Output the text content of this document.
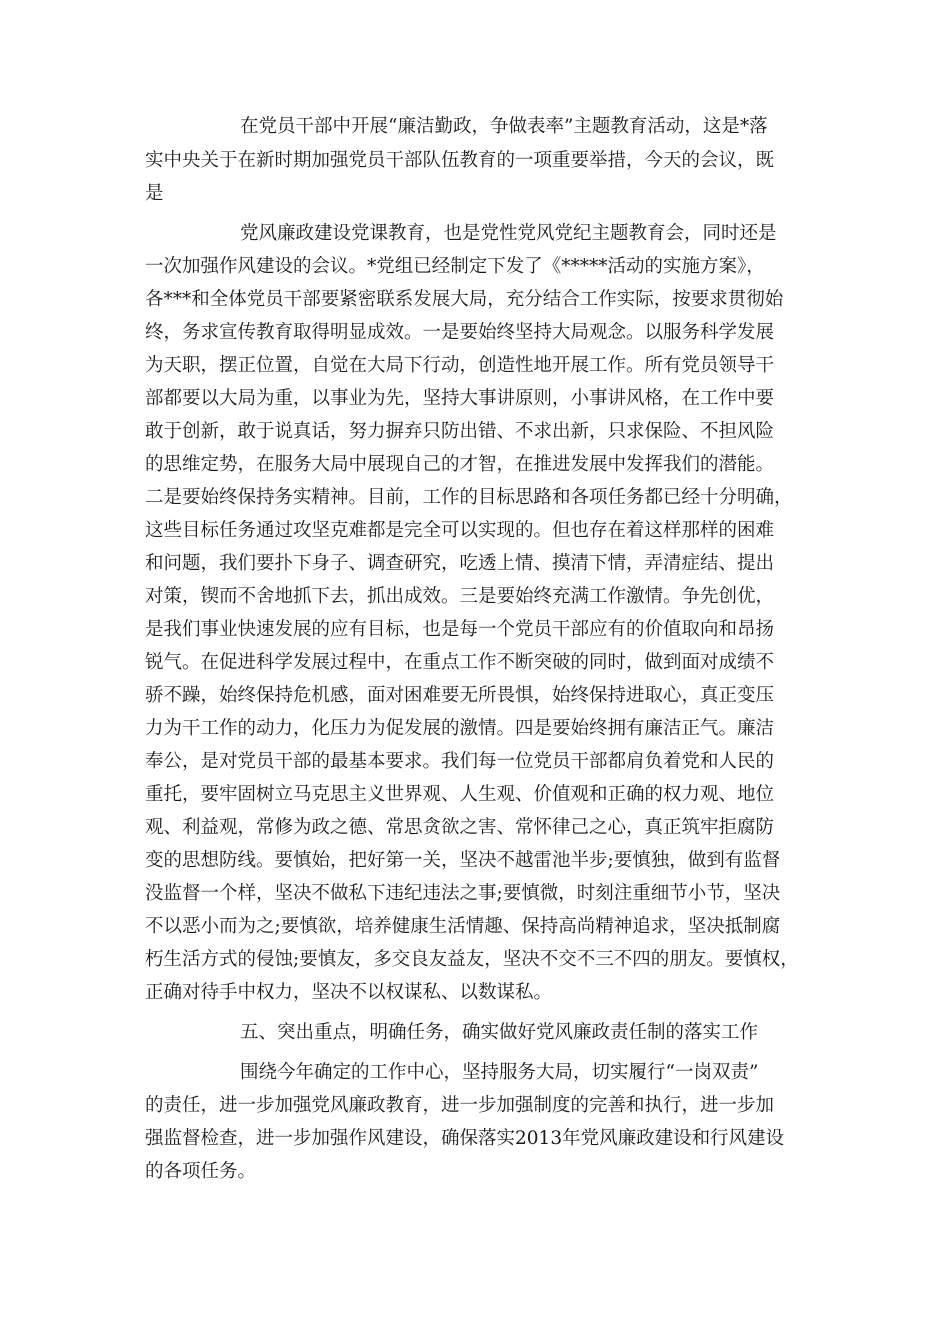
在党员干部中开展“廉洁勤政，争做表率”主题教育活动，这是*落
实中央关于在新时期加强党员干部队伍教育的一项重要举措，今天的会议，既
是
党风廉政建设党课教育，也是党性党风党纪主题教育会，同时还是
一次加强作风建设的会议。*党组已经制定下发了《*****活动的实施方案》，
各***和全体党员干部要紧密联系发展大局，充分结合工作实际，按要求贯彻始
终，务求宣传教育取得明显成效。一是要始终坚持大局观念。以服务科学发展
为天职，摆正位置，自觉在大局下行动，创造性地开展工作。所有党员领导干
部都要以大局为重，以事业为先，坚持大事讲原则，小事讲风格，在工作中要
敢于创新，敢于说真话，努力摒弃只防出错、不求出新，只求保险、不担风险
的思维定势，在服务大局中展现自己的才智，在推进发展中发挥我们的潜能。
二是要始终保持务实精神。目前，工作的目标思路和各项任务都已经十分明确，
这些目标任务通过攻坚克难都是完全可以实现的。但也存在着这样那样的困难
和问题，我们要扑下身子、调查研究，吃透上情、摸清下情，弄清症结、提出
对策，锲而不舍地抓下去，抓出成效。三是要始终充满工作激情。争先创优，
是我们事业快速发展的应有目标，也是每一个党员干部应有的价值取向和昂扬
锐气。在促进科学发展过程中，在重点工作不断突破的同时，做到面对成绩不
骄不躁，始终保持危机感，面对困难要无所畏惧，始终保持进取心，真正变压
力为干工作的动力，化压力为促发展的激情。四是要始终拥有廉洁正气。廉洁
奉公，是对党员干部的最基本要求。我们每一位党员干部都肩负着党和人民的
重托，要牢固树立马克思主义世界观、人生观、价值观和正确的权力观、地位
观、利益观，常修为政之德、常思贪欲之害、常怀律己之心，真正筑牢拒腐防
变的思想防线。要慎始，把好第一关，坚决不越雷池半步;要慎独，做到有监督
没监督一个样，坚决不做私下违纪违法之事;要慎微，时刻注重细节小节，坚决
不以恶小而为之;要慎欲，培养健康生活情趣、保持高尚精神追求，坚决抵制腐
朽生活方式的侵蚀;要慎友，多交良友益友，坚决不交不三不四的朋友。要慎权，
正确对待手中权力，坚决不以权谋私、以数谋私。
五、突出重点，明确任务，确实做好党风廉政责任制的落实工作
围绕今年确定的工作中心，坚持服务大局，切实履行“一岗双责”
的责任，进一步加强党风廉政教育，进一步加强制度的完善和执行，进一步加
强监督检查，进一步加强作风建设，确保落实2013年党风廉政建设和行风建设
的各项任务。
